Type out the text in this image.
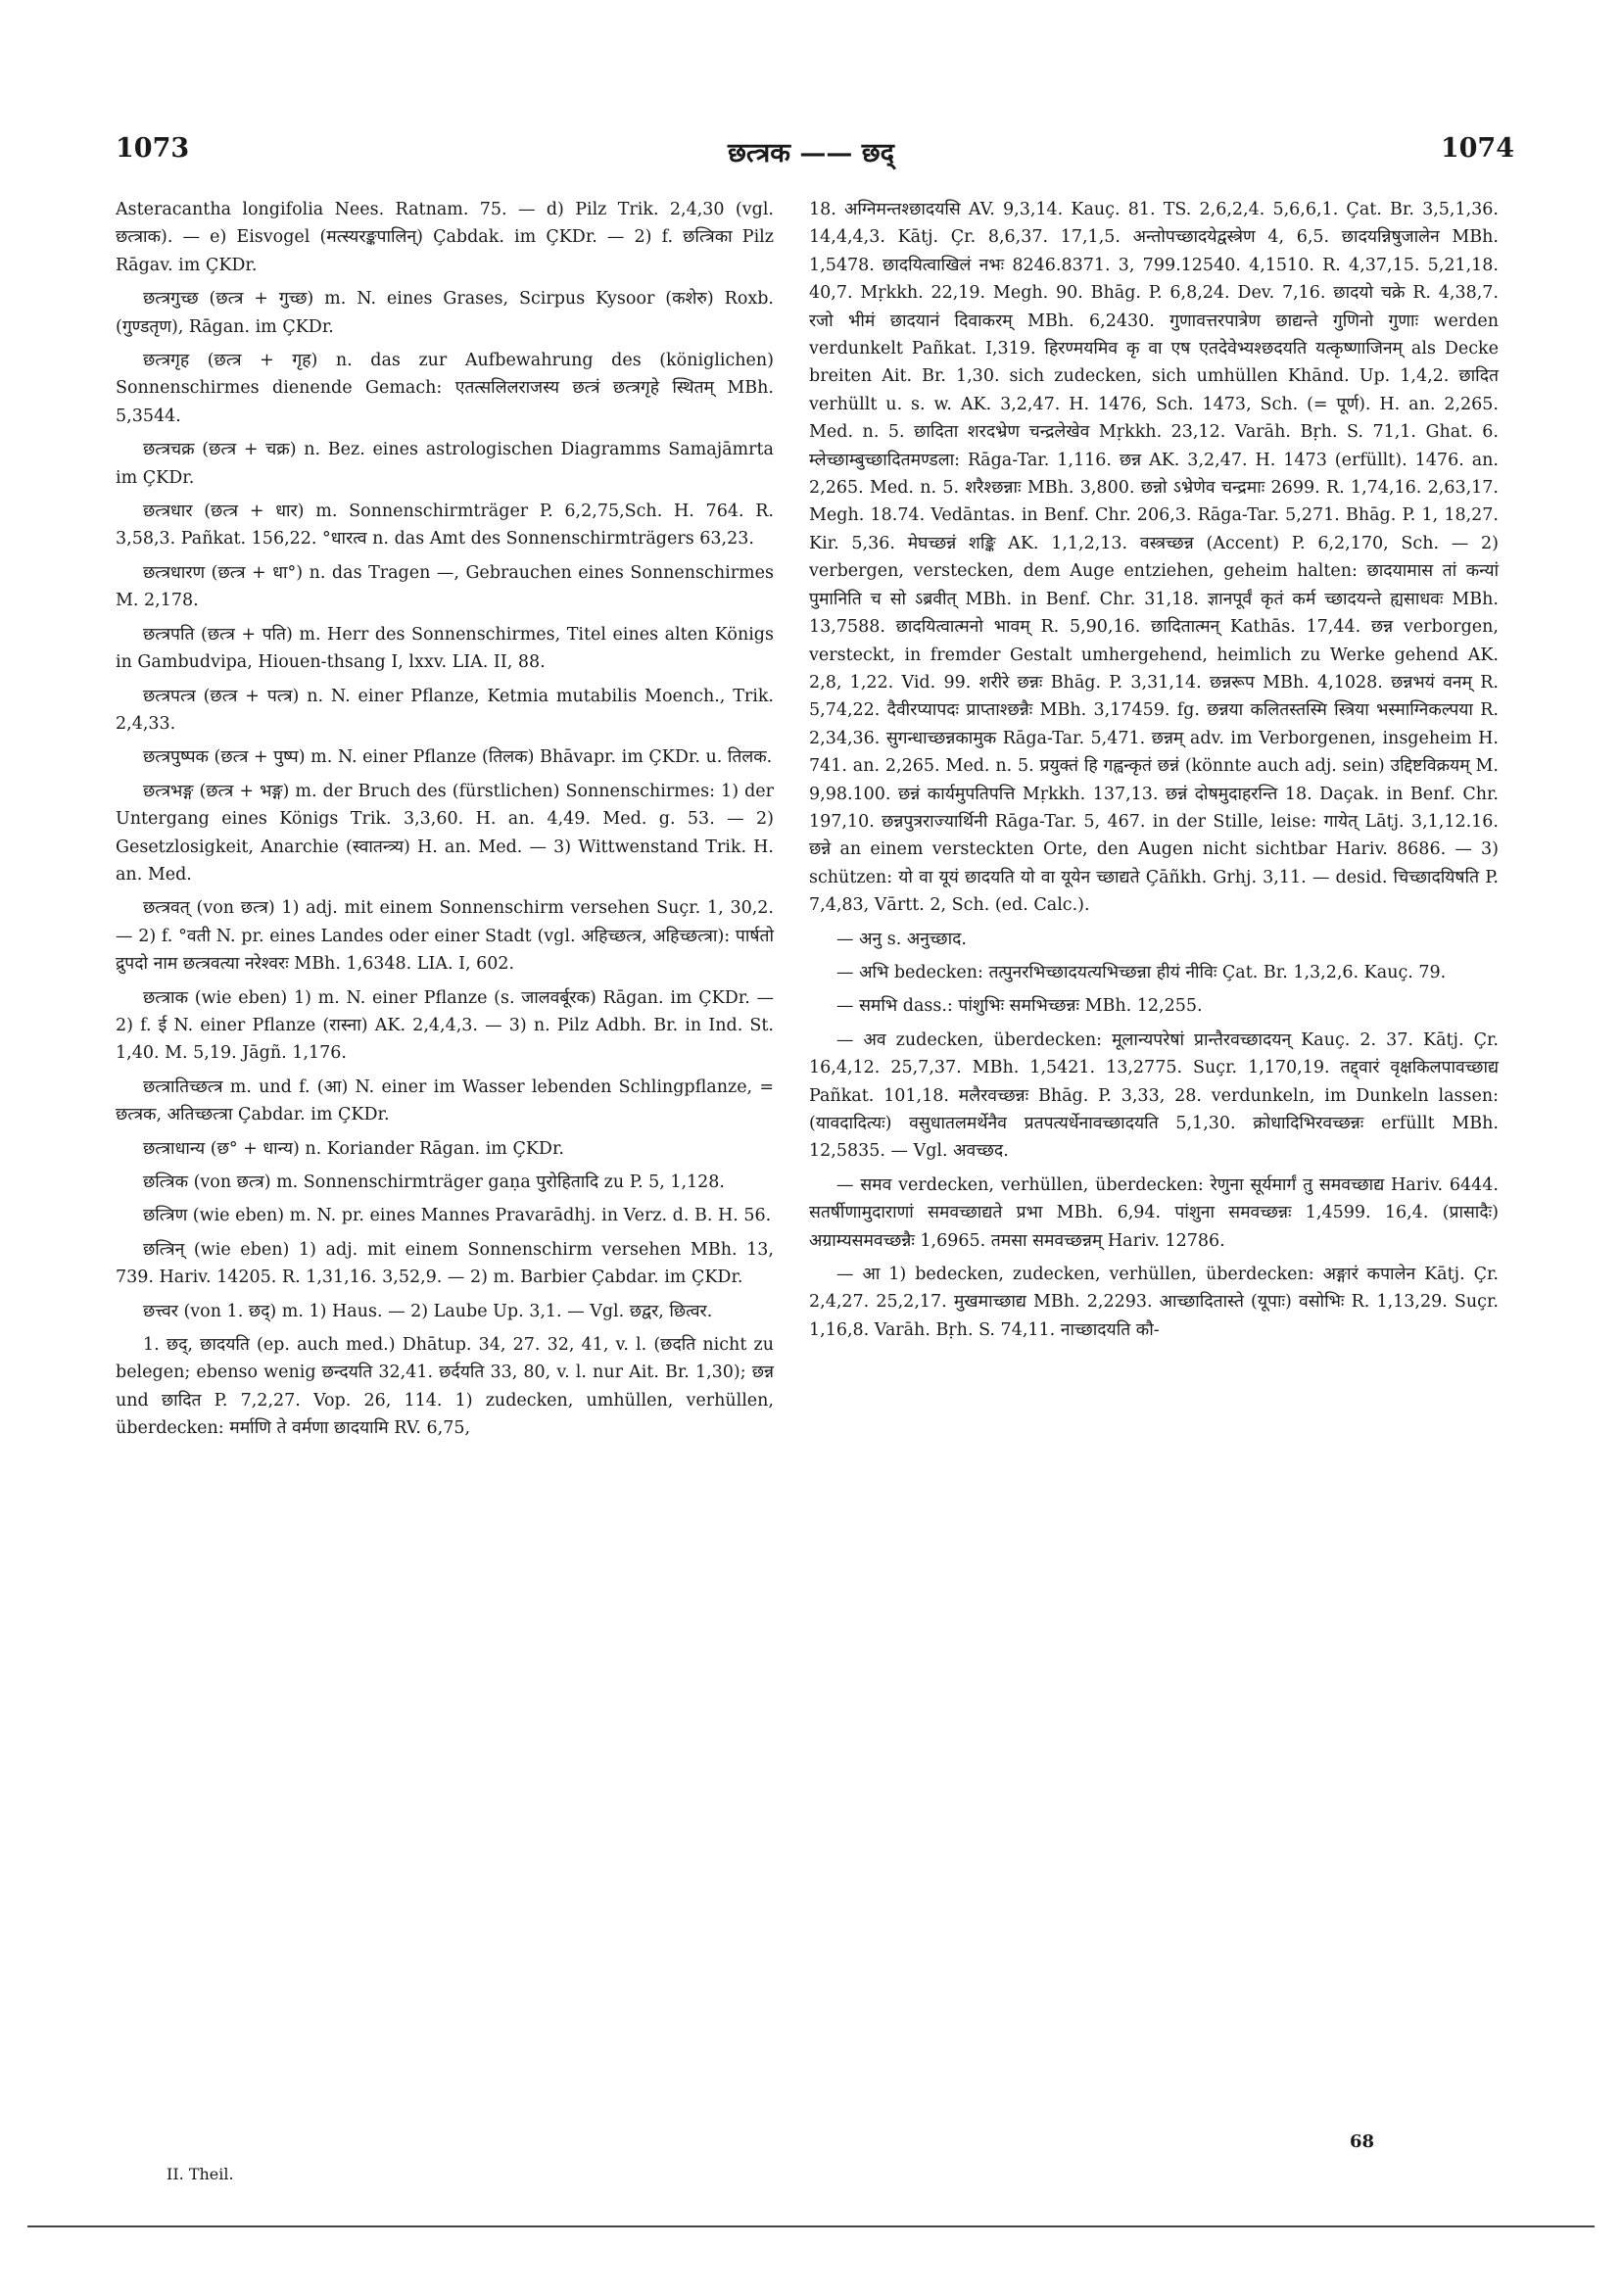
1073	छत्त्रक —— छद्	1074

Asteracantha longifolia Nees. Ratnam. 75. — d) Pilz Trik. 2,4,30 (vgl. छत्त्राक). — e) Eisvogel (मत्स्यरङ्कपालिन्) Çabdak. im ÇKDr. — 2) f. छत्त्रिका Pilz Rāgav. im ÇKDr.

छत्त्रगुच्छ (छत्त्र + गुच्छ) m. N. eines Grases, Scirpus Kysoor (कशेरु) Roxb. (गुण्डतृण), Rāgan. im ÇKDr.

छत्त्रगृह (छत्त्र + गृह) n. das zur Aufbewahrung des (königlichen) Sonnenschirmes dienende Gemach: एतत्सलिलराजस्य छत्त्रं छत्त्रगृहे स्थितम् MBh. 5,3544.

छत्त्रचक्र (छत्त्र + चक्र) n. Bez. eines astrologischen Diagramms Samajāmrta im ÇKDr.

छत्त्रधार (छत्त्र + धार) m. Sonnenschirmträger P. 6,2,75,Sch. H. 764. R. 3,58,3. Pañkat. 156,22. °धारत्व n. das Amt des Sonnenschirmträgers 63,23.

छत्त्रधारण (छत्त्र + धा°) n. das Tragen —, Gebrauchen eines Sonnenschirmes M. 2,178.

छत्त्रपति (छत्त्र + पति) m. Herr des Sonnenschirmes, Titel eines alten Königs in Gambudvipa, Hiouen-thsang I, lxxv. LIA. II, 88.

छत्त्रपत्त्र (छत्त्र + पत्त्र) n. N. einer Pflanze, Ketmia mutabilis Moench., Trik. 2,4,33.

छत्त्रपुष्पक (छत्त्र + पुष्प) m. N. einer Pflanze (तिलक) Bhāvapr. im ÇKDr. u. तिलक.

छत्त्रभङ्ग (छत्त्र + भङ्ग) m. der Bruch des (fürstlichen) Sonnenschirmes: 1) der Untergang eines Königs Trik. 3,3,60. H. an. 4,49. Med. g. 53. — 2) Gesetzlosigkeit, Anarchie (स्वातन्त्र्य) H. an. Med. — 3) Wittwenstand Trik. H. an. Med.

छत्त्रवत् (von छत्त्र) 1) adj. mit einem Sonnenschirm versehen Suçr. 1, 30,2. — 2) f. °वती N. pr. eines Landes oder einer Stadt (vgl. अहिच्छत्त्र, अहिच्छत्त्रा): पार्षतो द्रुपदो नाम छत्त्रवत्या नरेश्वरः MBh. 1,6348. LIA. I, 602.

छत्त्राक (wie eben) 1) m. N. einer Pflanze (s. जालवर्बूरक) Rāgan. im ÇKDr. — 2) f. ई N. einer Pflanze (रास्ना) AK. 2,4,4,3. — 3) n. Pilz Adbh. Br. in Ind. St. 1,40. M. 5,19. Jāgñ. 1,176.

छत्त्रातिच्छत्त्र m. und f. (आ) N. einer im Wasser lebenden Schlingpflanze, = छत्त्रक, अतिच्छत्त्रा Çabdar. im ÇKDr.

छत्त्राधान्य (छ° + धान्य) n. Koriander Rāgan. im ÇKDr.

छत्त्रिक (von छत्त्र) m. Sonnenschirmträger gaṇa पुरोहितादि zu P. 5, 1,128.

छत्त्रिण (wie eben) m. N. pr. eines Mannes Pravarādhj. in Verz. d. B. H. 56.

छत्त्रिन् (wie eben) 1) adj. mit einem Sonnenschirm versehen MBh. 13, 739. Hariv. 14205. R. 1,31,16. 3,52,9. — 2) m. Barbier Çabdar. im ÇKDr.

छत्त्वर (von 1. छद्) m. 1) Haus. — 2) Laube Up. 3,1. — Vgl. छद्वर, छित्वर.

1. छद्, छादयति (ep. auch med.) Dhātup. 34, 27. 32, 41, v. l. (छदति nicht zu belegen; ebenso wenig छन्दयति 32,41. छर्दयति 33, 80, v. l. nur Ait. Br. 1,30); छन्न und छादित P. 7,2,27. Vop. 26, 114. 1) zudecken, umhüllen, verhüllen, überdecken: मर्माणि ते वर्मणा छादयामि RV. 6,75,

18. अग्निमन्तश्छादयसि AV. 9,3,14. Kauç. 81. TS. 2,6,2,4. 5,6,6,1. Çat. Br. 3,5,1,36. 14,4,4,3. Kātj. Çr. 8,6,37. 17,1,5. अन्तोपच्छादयेद्वस्त्रेण 4, 6,5. छादयन्निषुजालेन MBh. 1,5478. छादयित्वाखिलं नभः 8246.8371. 3, 799.12540. 4,1510. R. 4,37,15. 5,21,18. 40,7. Mṛkkh. 22,19. Megh. 90. Bhāg. P. 6,8,24. Dev. 7,16. छादयो चक्रे R. 4,38,7. रजो भीमं छादयानं दिवाकरम् MBh. 6,2430. गुणावत्तरपात्रेण छाद्यन्ते गुणिनो गुणाः werden verdunkelt Pañkat. I,319. हिरण्मयमिव कृ वा एष एतदेवेभ्यश्छदयति यत्कृष्णाजिनम् als Decke breiten Ait. Br. 1,30. sich zudecken, sich umhüllen Khānd. Up. 1,4,2. छादित verhüllt u. s. w. AK. 3,2,47. H. 1476, Sch. 1473, Sch. (= पूर्ण). H. an. 2,265. Med. n. 5. छादिता शरदभ्रेण चन्द्रलेखेव Mṛkkh. 23,12. Varāh. Bṛh. S. 71,1. Ghat. 6. म्लेच्छाम्बुच्छादितमण्डला: Rāga-Tar. 1,116. छन्न AK. 3,2,47. H. 1473 (erfüllt). 1476. an. 2,265. Med. n. 5. शरैश्छन्नाः MBh. 3,800. छन्नो ऽभ्रेणेव चन्द्रमाः 2699. R. 1,74,16. 2,63,17. Megh. 18.74. Vedāntas. in Benf. Chr. 206,3. Rāga-Tar. 5,271. Bhāg. P. 1, 18,27. Kir. 5,36. मेघच्छन्नं शङ्कि AK. 1,1,2,13. वस्त्रच्छन्न (Accent) P. 6,2,170, Sch. — 2) verbergen, verstecken, dem Auge entziehen, geheim halten: छादयामास तां कन्यां पुमानिति च सो ऽब्रवीत् MBh. in Benf. Chr. 31,18. ज्ञानपूर्वं कृतं कर्म च्छादयन्ते ह्यसाधवः MBh. 13,7588. छादयित्वात्मनो भावम् R. 5,90,16. छादितात्मन् Kathās. 17,44. छन्न verborgen, versteckt, in fremder Gestalt umhergehend, heimlich zu Werke gehend AK. 2,8, 1,22. Vid. 99. शरीरे छन्नः Bhāg. P. 3,31,14. छन्नरूप MBh. 4,1028. छन्नभयं वनम् R. 5,74,22. दैवीरप्यापदः प्राप्ताश्छन्नैः MBh. 3,17459. fg. छन्नया कलितस्तस्मि स्त्रिया भस्माग्निकल्पया R. 2,34,36. सुगन्धाच्छन्नकामुक Rāga-Tar. 5,471. छन्नम् adv. im Verborgenen, insgeheim H. 741. an. 2,265. Med. n. 5. प्रयुक्तं हि गह्वन्कृतं छन्नं (könnte auch adj. sein) उद्दिष्टविक्रयम् M. 9,98.100. छन्नं कार्यमुपतिपत्ति Mṛkkh. 137,13. छन्नं दोषमुदाहरन्ति 18. Daçak. in Benf. Chr. 197,10. छन्नपुत्रराज्यार्थिनी Rāga-Tar. 5, 467. in der Stille, leise: गायेत् Lātj. 3,1,12.16. छन्ने an einem versteckten Orte, den Augen nicht sichtbar Hariv. 8686. — 3) schützen: यो वा यूयं छादयति यो वा यूयेन च्छाद्यते Çāñkh. Grhj. 3,11. — desid. चिच्छादयिषति P. 7,4,83, Vārtt. 2, Sch. (ed. Calc.).

— अनु s. अनुच्छाद.

— अभि bedecken: तत्पुनरभिच्छादयत्यभिच्छन्ना हीयं नीविः Çat. Br. 1,3,2,6. Kauç. 79.

— समभि dass.: पांशुभिः समभिच्छन्नः MBh. 12,255.

— अव zudecken, überdecken: मूलान्यपरेषां प्रान्तैरवच्छादयन् Kauç. 2. 37. Kātj. Çr. 16,4,12. 25,7,37. MBh. 1,5421. 13,2775. Suçr. 1,170,19. तद्द्वारं वृक्षकिलपावच्छाद्य Pañkat. 101,18. मलैरवच्छन्नः Bhāg. P. 3,33, 28. verdunkeln, im Dunkeln lassen: (यावदादित्यः) वसुधातलमर्थेनैव प्रतपत्यर्धेनावच्छादयति 5,1,30. क्रोधादिभिरवच्छन्नः erfüllt MBh. 12,5835. — Vgl. अवच्छद.

— समव verdecken, verhüllen, überdecken: रेणुना सूर्यमार्गं तु समवच्छाद्य Hariv. 6444. सतर्षीणामुदाराणां समवच्छाद्यते प्रभा MBh. 6,94. पांशुना समवच्छन्नः 1,4599. 16,4. (प्रासादैः) अग्राम्यसमवच्छन्नैः 1,6965. तमसा समवच्छन्नम् Hariv. 12786.

— आ 1) bedecken, zudecken, verhüllen, überdecken: अङ्गारं कपालेन Kātj. Çr. 2,4,27. 25,2,17. मुखमाच्छाद्य MBh. 2,2293. आच्छादितास्ते (यूपाः) वसोभिः R. 1,13,29. Suçr. 1,16,8. Varāh. Bṛh. S. 74,11. नाच्छादयति कौ-

II. Theil.
68
